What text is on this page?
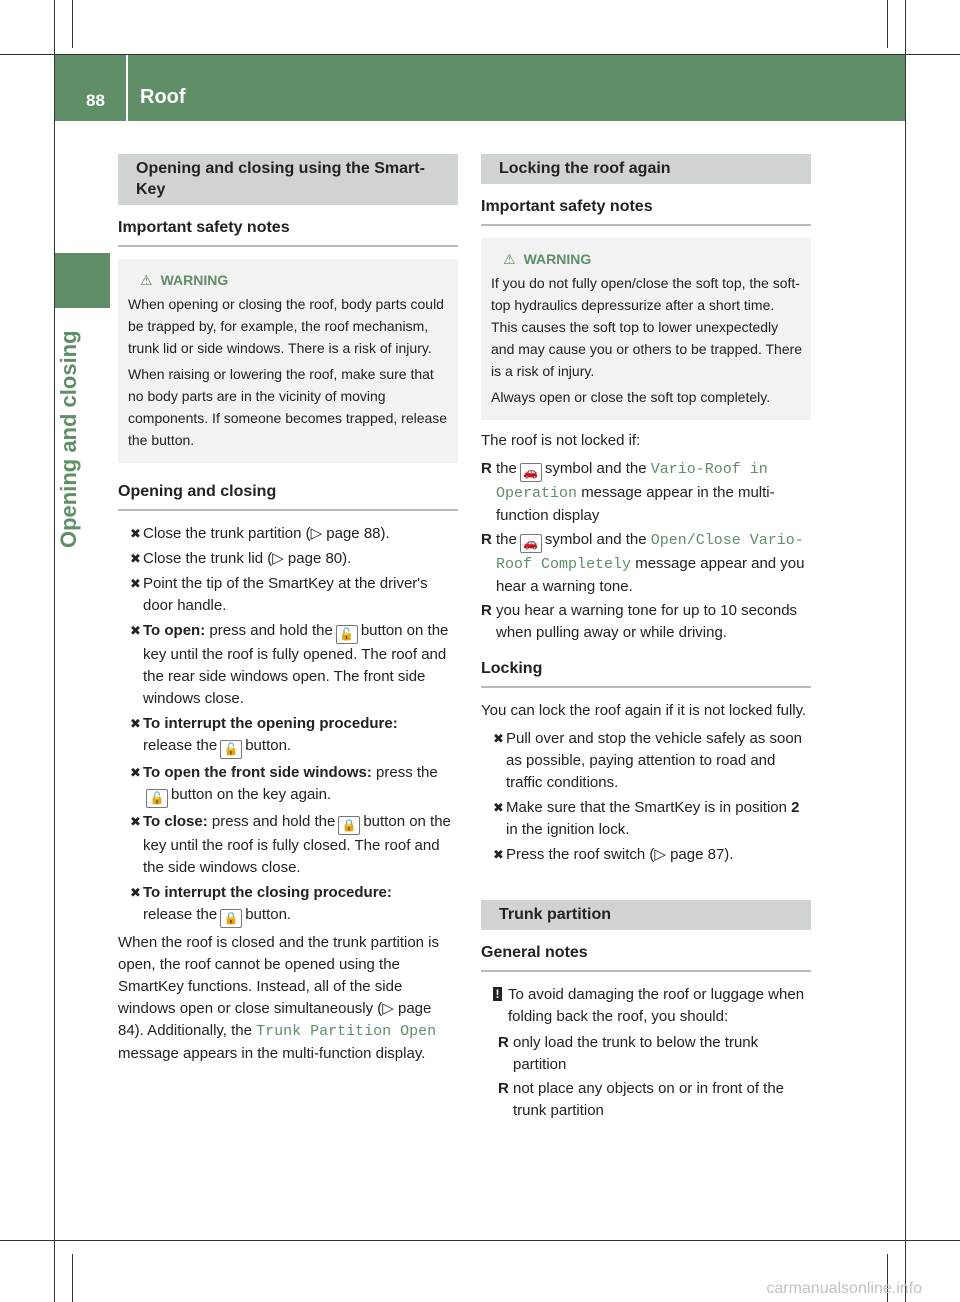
88 Roof
Opening and closing
Opening and closing using the Smart-Key
Important safety notes
⚠ WARNING

When opening or closing the roof, body parts could be trapped by, for example, the roof mechanism, trunk lid or side windows. There is a risk of injury.

When raising or lowering the roof, make sure that no body parts are in the vicinity of moving components. If someone becomes trapped, release the button.

Opening and closing
✖ Close the trunk partition (▷ page 88).
✖ Close the trunk lid (▷ page 80).
✖ Point the tip of the SmartKey at the driver's door handle.
✖ To open: press and hold the 🔓 button on the key until the roof is fully opened. The roof and the rear side windows open. The front side windows close.
✖ To interrupt the opening procedure:
release the 🔓 button.
✖ To open the front side windows: press the🔓 button on the key again.
✖ To close: press and hold the 🔒 button on the key until the roof is fully closed. The roof and the side windows close.
✖ To interrupt the closing procedure:
release the 🔒 button.

When the roof is closed and the trunk partition is open, the roof cannot be opened using the SmartKey functions. Instead, all of the side windows open or close simultaneously (▷ page 84). Additionally, the Trunk Partition Open message appears in the multi-function display.

Locking the roof again
Important safety notes
⚠ WARNING

If you do not fully open/close the soft top, the soft-top hydraulics depressurize after a short time. This causes the soft top to lower unexpectedly and may cause you or others to be trapped. There is a risk of injury.

Always open or close the soft top completely.

The roof is not locked if:

R the 🚗 symbol and the Vario-Roof in Operation message appear in the multi-function display
R the 🚗 symbol and the Open/Close Vario-Roof Completely message appear and you hear a warning tone.
R you hear a warning tone for up to 10 seconds when pulling away or while driving.
Locking

You can lock the roof again if it is not locked fully.

✖ Pull over and stop the vehicle safely as soon as possible, paying attention to road and traffic conditions.
✖ Make sure that the SmartKey is in position 2 in the ignition lock.
✖ Press the roof switch (▷ page 87).
Trunk partition
General notes

! To avoid damaging the roof or luggage when folding back the roof, you should:

R only load the trunk to below the trunk partition
R not place any objects on or in front of the trunk partition
carmanualsonline.info
